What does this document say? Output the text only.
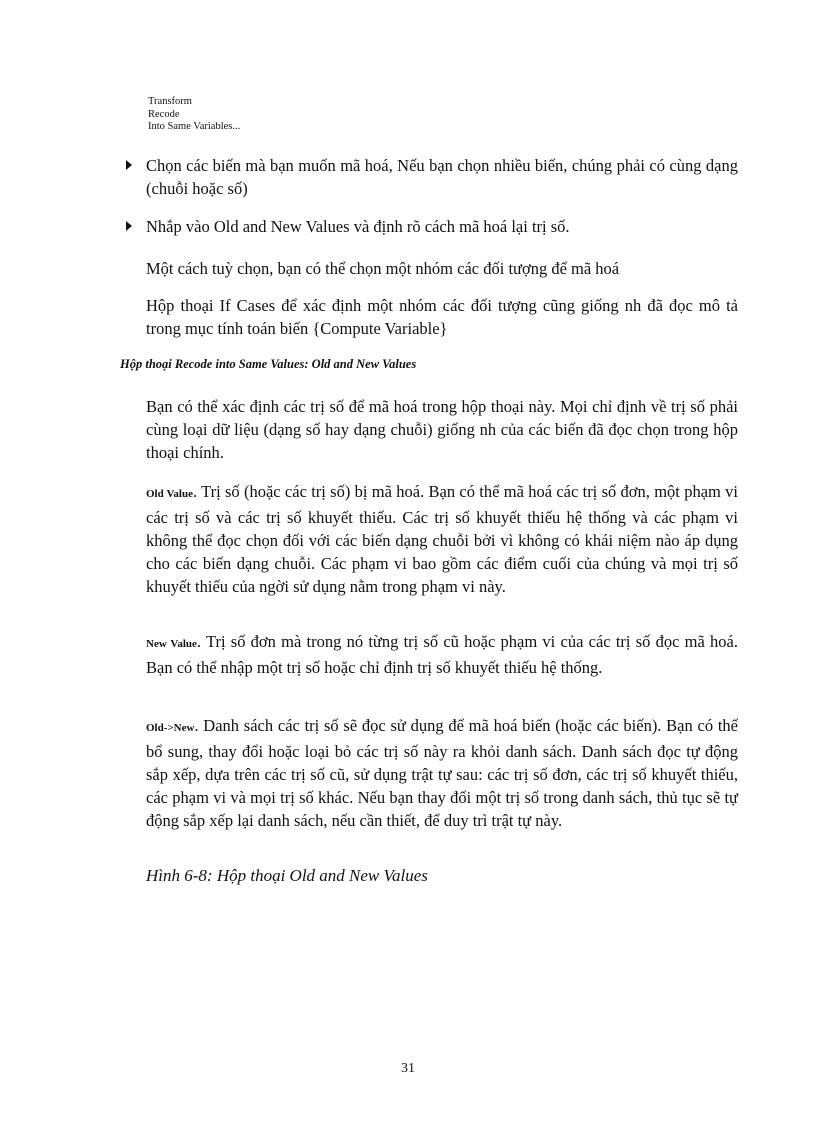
Transform
Recode
Into Same Variables...
Chọn các biến mà bạn muốn mã hoá, Nếu bạn chọn nhiều biến, chúng phải có cùng dạng (chuỗi hoặc số)
Nhắp vào Old and New Values và định rõ cách mã hoá lại trị số.
Một cách tuỳ chọn, bạn có thể chọn một nhóm các đối tượng để mã hoá
Hộp thoại If Cases để xác định một nhóm các đối tượng cũng giống nh đã đọc mô tả trong mục tính toán biến {Compute Variable}
Hộp thoại Recode into Same Values: Old and New Values
Bạn có thể xác định các trị số để mã hoá trong hộp thoại này. Mọi chỉ định về trị số phải cùng loại dữ liệu (dạng số hay dạng chuỗi) giống nh của các biến đã đọc chọn trong hộp thoại chính.
Old Value. Trị số (hoặc các trị số) bị mã hoá. Bạn có thể mã hoá các trị số đơn, một phạm vi các trị số và các trị số khuyết thiếu. Các trị số khuyết thiếu hệ thống và các phạm vi không thể đọc chọn đối với các biến dạng chuỗi bởi vì không có khái niệm nào áp dụng cho các biến dạng chuỗi. Các phạm vi bao gồm các điểm cuối của chúng và mọi trị số khuyết thiếu của ngời sử dụng nằm trong phạm vi này.
New Value. Trị số đơn mà trong nó từng trị số cũ hoặc phạm vi của các trị số đọc mã hoá. Bạn có thể nhập một trị số hoặc chỉ định trị số khuyết thiếu hệ thống.
Old->New. Danh sách các trị số sẽ đọc sử dụng để mã hoá biến (hoặc các biến). Bạn có thể bổ sung, thay đổi hoặc loại bỏ các trị số này ra khỏi danh sách. Danh sách đọc tự động sắp xếp, dựa trên các trị số cũ, sử dụng trật tự sau: các trị số đơn, các trị số khuyết thiếu, các phạm vi và mọi trị số khác. Nếu bạn thay đổi một trị số trong danh sách, thủ tục sẽ tự động sắp xếp lại danh sách, nếu cần thiết, để duy trì trật tự này.
Hình 6-8: Hộp thoại Old and New Values
31
